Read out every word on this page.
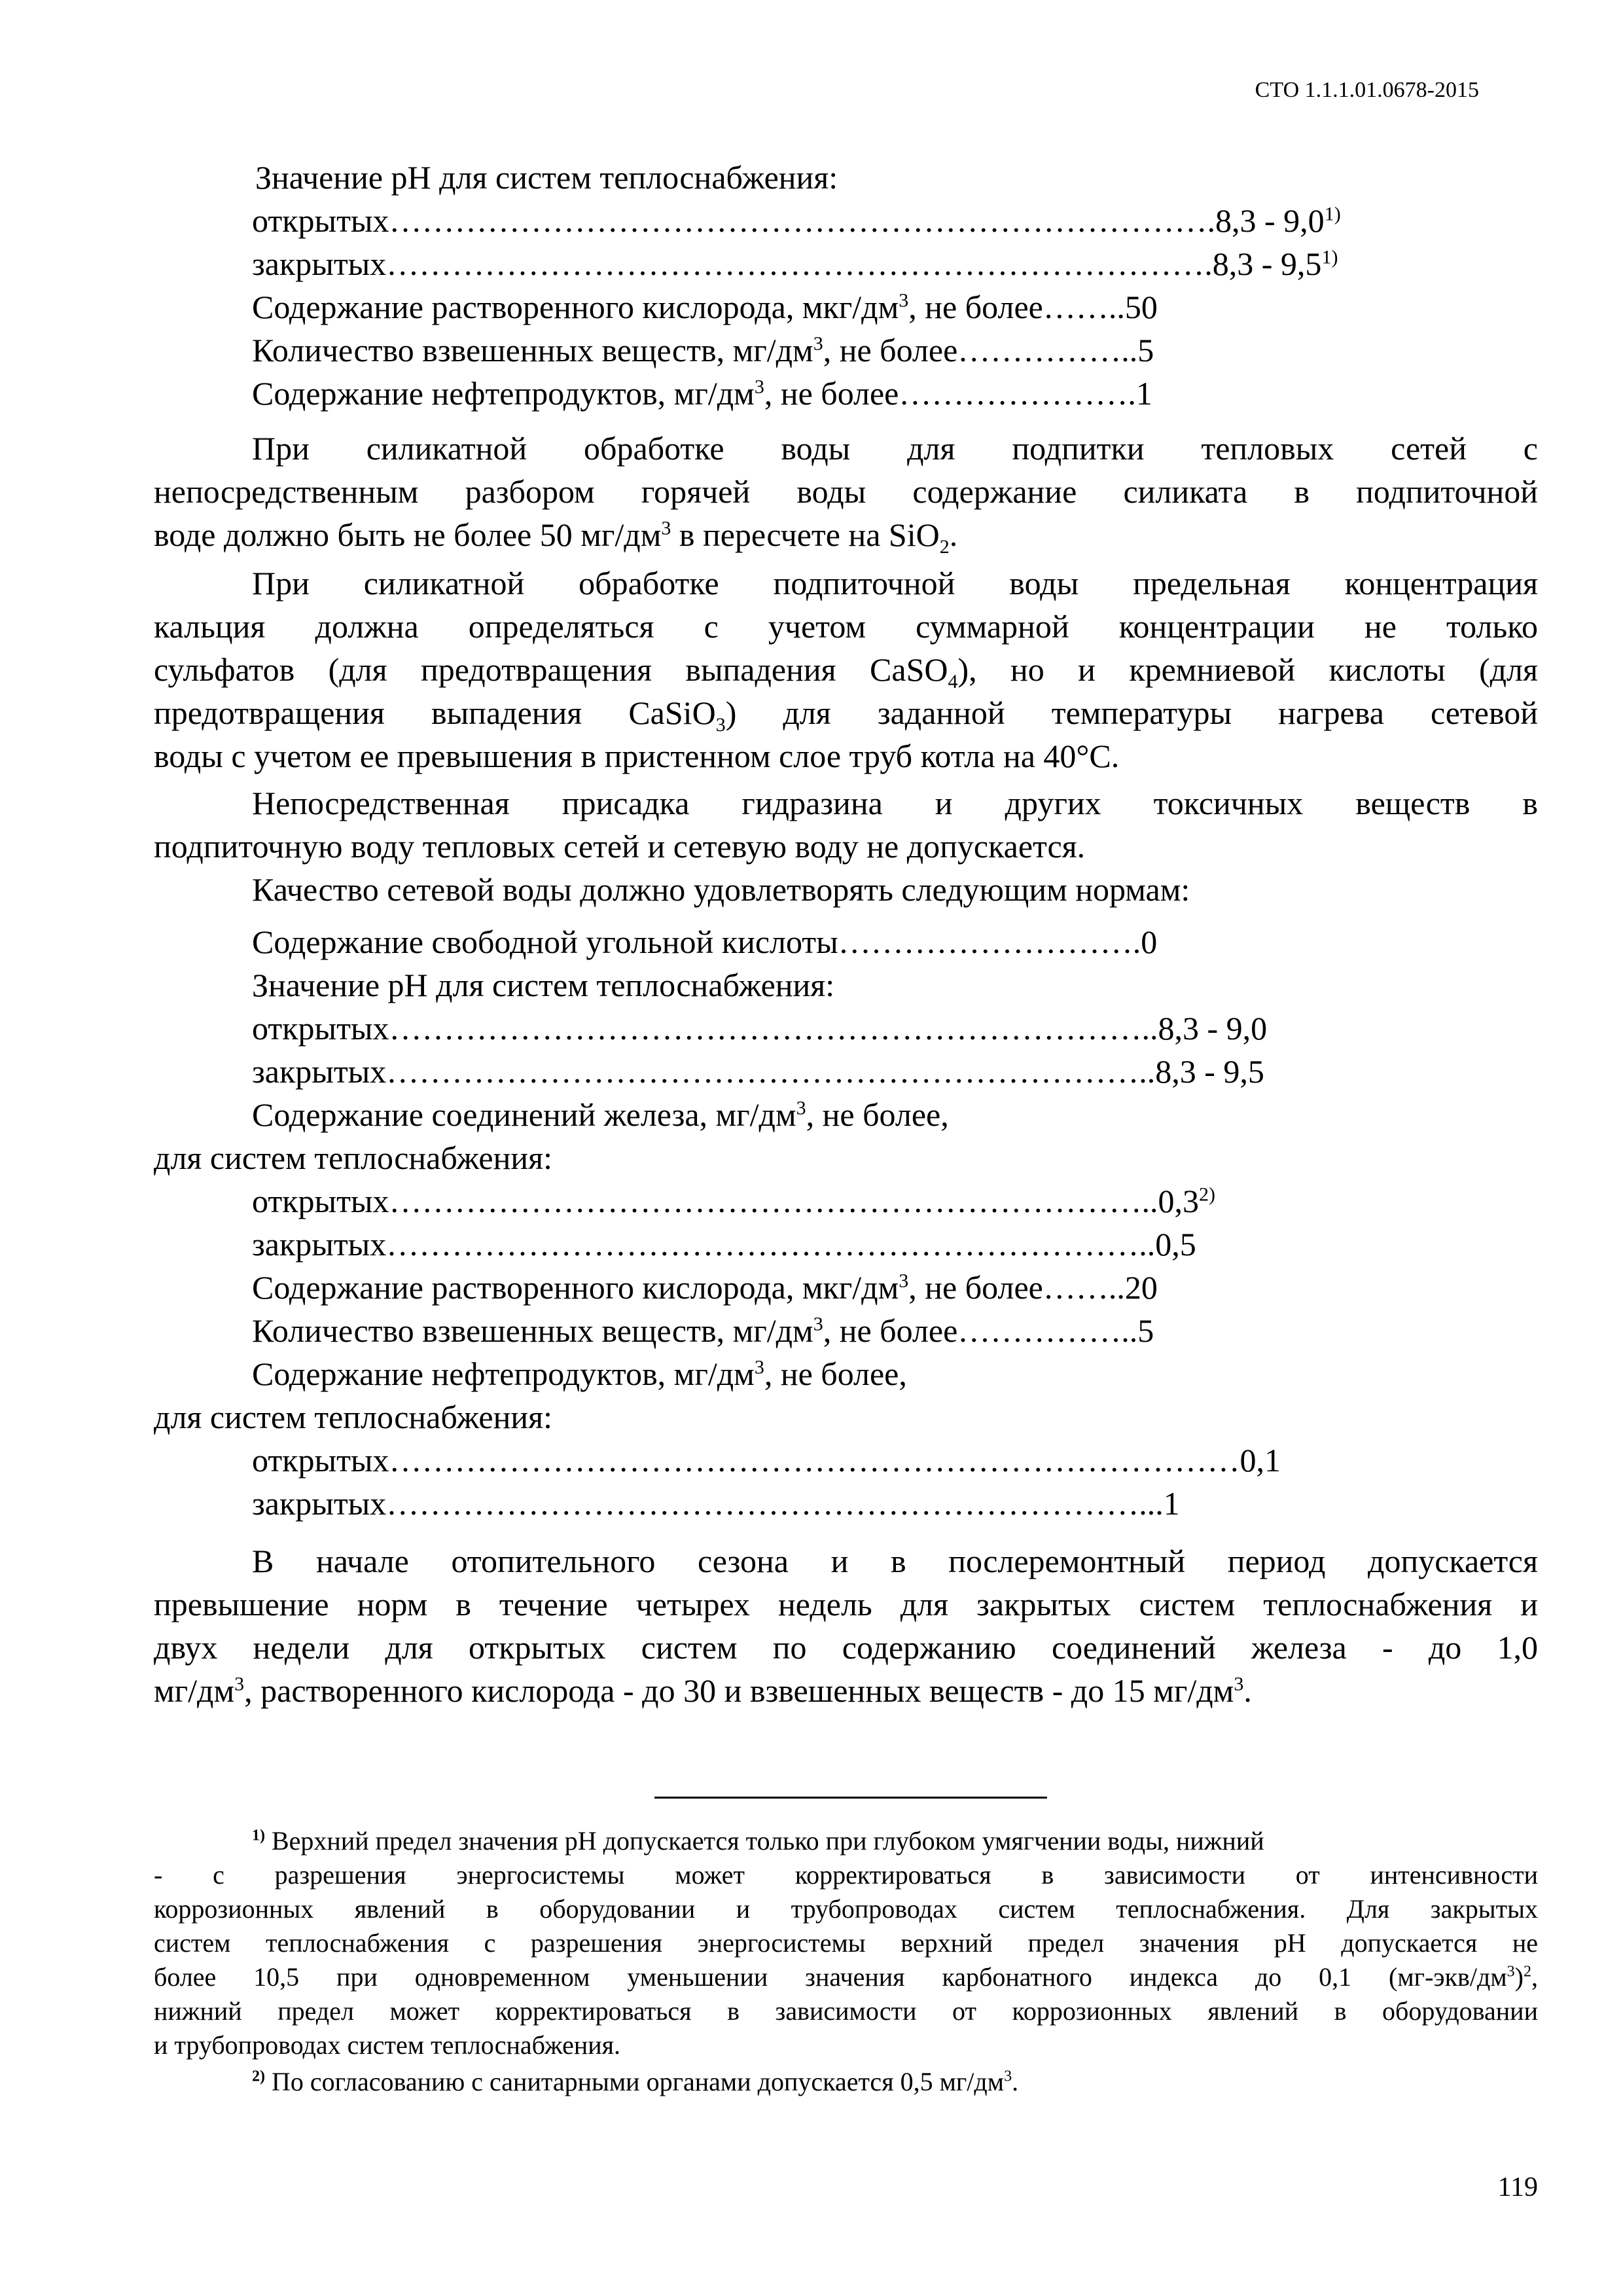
СТО 1.1.1.01.0678-2015
Значение pH для систем теплоснабжения:
открытых………………………………………………………………….8,3 - 9,0$^{1)}$
закрытых………………………………………………………………….8,3 - 9,5$^{1)}$
Содержание растворенного кислорода, мкг/$дм^3$, не более……..50
Количество взвешенных веществ, $мг/дм^3$, не более……………..5
Содержание нефтепродуктов, $мг/дм^3$, не более………………….1
При силикатной обработке воды для подпитки тепловых сетей с
непосредственным разбором горячей воды содержание силиката в подпиточной
воде должно быть не более 50 $мг/дм^3$ в пересчете на SiO$_2$.
При силикатной обработке подпиточной воды предельная концентрация
кальция должна определяться с учетом суммарной концентрации не только
сульфатов (для предотвращения выпадения CaSO$_4$), но и кремниевой кислоты (для
предотвращения выпадения CaSiO$_3$) для заданной температуры нагрева сетевой
воды с учетом ее превышения в пристенном слое труб котла на 40°С.
Непосредственная присадка гидразина и других токсичных веществ в
подпиточную воду тепловых сетей и сетевую воду не допускается.
Качество сетевой воды должно удовлетворять следующим нормам:
Содержание свободной угольной кислоты……………………….0
Значение pH для систем теплоснабжения:
открытых……………………………………………………………..8,3 - 9,0
закрытых……………………………………………………………..8,3 - 9,5
Содержание соединений железа, $мг/дм^3$, не более,
для систем теплоснабжения:
открытых……………………………………………………………..0,3$^{2)}$
закрытых……………………………………………………………..0,5
Содержание растворенного кислорода, мкг/$дм^3$, не более……..20
Количество взвешенных веществ, $мг/дм^3$, не более……………..5
Содержание нефтепродуктов, $мг/дм^3$, не более,
для систем теплоснабжения:
открытых……………………………………………………………………0,1
закрытых……………………………………………………………...1
В начале отопительного сезона и в послеремонтный период допускается
превышение норм в течение четырех недель для закрытых систем теплоснабжения и
двух недели для открытых систем по содержанию соединений железа - до 1,0
$мг/дм^3$, растворенного кислорода - до 30 и взвешенных веществ - до 15 $мг/дм^3$.
$^{1)}$ Верхний предел значения pH допускается только при глубоком умягчении воды, нижний
- с разрешения энергосистемы может корректироваться в зависимости от интенсивности
коррозионных явлений в оборудовании и трубопроводах систем теплоснабжения. Для закрытых
систем теплоснабжения с разрешения энергосистемы верхний предел значения pH допускается не
более 10,5 при одновременном уменьшении значения карбонатного индекса до 0,1 $(мг-экв/дм^3)^2$,
нижний предел может корректироваться в зависимости от коррозионных явлений в оборудовании
и трубопроводах систем теплоснабжения.
$^{2)}$ По согласованию с санитарными органами допускается 0,5 $мг/дм^3$.
119
